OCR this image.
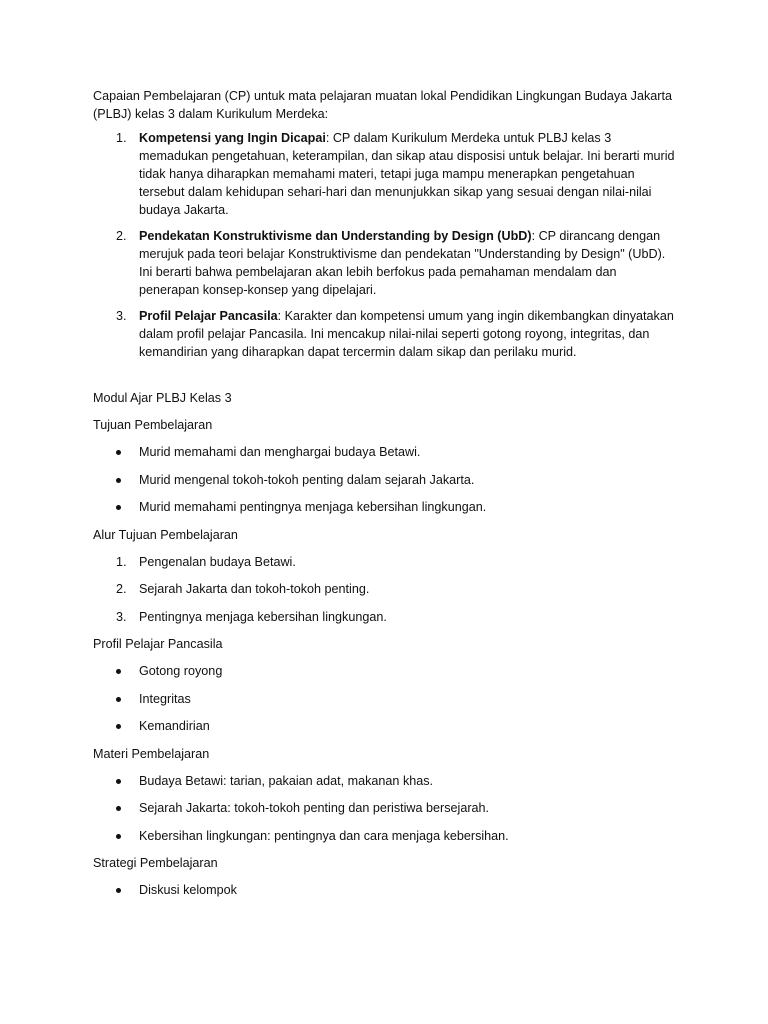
Capaian Pembelajaran (CP) untuk mata pelajaran muatan lokal Pendidikan Lingkungan Budaya Jakarta (PLBJ) kelas 3 dalam Kurikulum Merdeka:

1. Kompetensi yang Ingin Dicapai: CP dalam Kurikulum Merdeka untuk PLBJ kelas 3 memadukan pengetahuan, keterampilan, dan sikap atau disposisi untuk belajar. Ini berarti murid tidak hanya diharapkan memahami materi, tetapi juga mampu menerapkan pengetahuan tersebut dalam kehidupan sehari-hari dan menunjukkan sikap yang sesuai dengan nilai-nilai budaya Jakarta.
2. Pendekatan Konstruktivisme dan Understanding by Design (UbD): CP dirancang dengan merujuk pada teori belajar Konstruktivisme dan pendekatan "Understanding by Design" (UbD). Ini berarti bahwa pembelajaran akan lebih berfokus pada pemahaman mendalam dan penerapan konsep-konsep yang dipelajari.
3. Profil Pelajar Pancasila: Karakter dan kompetensi umum yang ingin dikembangkan dinyatakan dalam profil pelajar Pancasila. Ini mencakup nilai-nilai seperti gotong royong, integritas, dan kemandirian yang diharapkan dapat tercermin dalam sikap dan perilaku murid.

Modul Ajar PLBJ Kelas 3

Tujuan Pembelajaran

Murid memahami dan menghargai budaya Betawi.
Murid mengenal tokoh-tokoh penting dalam sejarah Jakarta.
Murid memahami pentingnya menjaga kebersihan lingkungan.

Alur Tujuan Pembelajaran

1. Pengenalan budaya Betawi.
2. Sejarah Jakarta dan tokoh-tokoh penting.
3. Pentingnya menjaga kebersihan lingkungan.

Profil Pelajar Pancasila

Gotong royong
Integritas
Kemandirian

Materi Pembelajaran

Budaya Betawi: tarian, pakaian adat, makanan khas.
Sejarah Jakarta: tokoh-tokoh penting dan peristiwa bersejarah.
Kebersihan lingkungan: pentingnya dan cara menjaga kebersihan.

Strategi Pembelajaran

Diskusi kelompok
